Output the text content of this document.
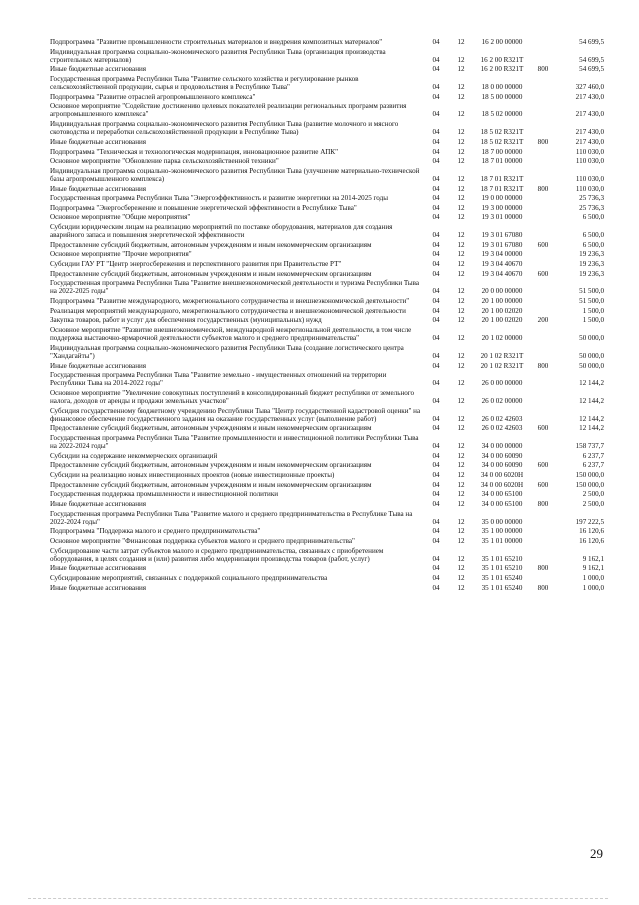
Подпрограмма "Развитие промышленности строительных материалов и внедрения композитных материалов"	04	12	16 2 00 00000		54 699,5
Индивидуальная программа социально-экономического развития Республики Тыва (организация производства строительных материалов)	04	12	16 2 00 R321T		54 699,5
Иные бюджетные ассигнования	04	12	16 2 00 R321T	800	54 699,5
Государственная программа Республики Тыва "Развитие сельского хозяйства и регулирование рынков сельскохозяйственной продукции, сырья и продовольствия в Республике Тыва"	04	12	18 0 00 00000		327 460,0
Подпрограмма "Развитие отраслей агропромышленного комплекса"	04	12	18 5 00 00000		217 430,0
Основное мероприятие "Содействие достижению целевых показателей реализации региональных программ развития агропромышленного комплекса"	04	12	18 5 02 00000		217 430,0
Индивидуальная программа социально-экономического развития Республики Тыва (развитие молочного и мясного скотоводства и переработки сельскохозяйственной продукции в Республике Тыва)	04	12	18 5 02 R321T		217 430,0
Иные бюджетные ассигнования	04	12	18 5 02 R321T	800	217 430,0
Подпрограмма "Техническая и технологическая модернизация, инновационное развитие АПК"	04	12	18 7 00 00000		110 030,0
Основное мероприятие "Обновление парка сельскохозяйственной техники"	04	12	18 7 01 00000		110 030,0
Индивидуальная программа социально-экономического развития Республики Тыва (улучшение материально-технической базы агропромышленного комплекса)	04	12	18 7 01 R321T		110 030,0
Иные бюджетные ассигнования	04	12	18 7 01 R321T	800	110 030,0
Государственная программа Республики Тыва "Энергоэффективность и развитие энергетики на 2014-2025 годы	04	12	19 0 00 00000		25 736,3
Подпрограмма "Энергосбережение и повышение энергетической эффективности в Республике Тыва"	04	12	19 3 00 00000		25 736,3
Основное мероприятие "Общие мероприятия"	04	12	19 3 01 00000		6 500,0
Субсидии юридическим лицам на реализацию мероприятий по поставке оборудования, материалов для создания аварийного запаса и повышения энергетической эффективности	04	12	19 3 01 67080		6 500,0
Предоставление субсидий бюджетным, автономным учреждениям и иным некоммерческим организациям	04	12	19 3 01 67080	600	6 500,0
Основное мероприятие "Прочие мероприятия"	04	12	19 3 04 00000		19 236,3
Субсидии ГАУ РТ "Центр энергосбережения и перспективного развития при Правительстве РТ"	04	12	19 3 04 40670		19 236,3
Предоставление субсидий бюджетным, автономным учреждениям и иным некоммерческим организациям	04	12	19 3 04 40670	600	19 236,3
Государственная программа Республики Тыва "Развитие внешнеэкономической деятельности и туризма Республики Тыва на 2022-2025 годы"	04	12	20 0 00 00000		51 500,0
Подпрограмма "Развитие международного, межрегионального сотрудничества и внешнеэкономической деятельности"	04	12	20 1 00 00000		51 500,0
Реализация мероприятий международного, межрегионального сотрудничества и внешнеэкономической деятельности	04	12	20 1 00 02020		1 500,0
Закупка товаров, работ и услуг для обеспечения государственных (муниципальных) нужд	04	12	20 1 00 02020	200	1 500,0
Основное мероприятие "Развитие внешнеэкономической, международной межрегиональной деятельности, в том числе поддержка выставочно-ярмарочной деятельности субъектов малого и среднего предпринимательства"	04	12	20 1 02 00000		50 000,0
Индивидуальная программа социально-экономического развития Республики Тыва (создание логистического центра "Хандагайты")	04	12	20 1 02 R321T		50 000,0
Иные бюджетные ассигнования	04	12	20 1 02 R321T	800	50 000,0
Государственная программа Республики Тыва "Развитие земельно - имущественных отношений на территории Республики Тыва на 2014-2022 годы"	04	12	26 0 00 00000		12 144,2
Основное мероприятие "Увеличение совокупных поступлений в консолидированный бюджет республики от земельного налога, доходов от аренды и продажи земельных участков"	04	12	26 0 02 00000		12 144,2
Субсидия государственному бюджетному учреждению Республики Тыва "Центр государственной кадастровой оценки" на финансовое обеспечение государственного задания на оказание государственных услуг (выполнение работ)	04	12	26 0 02 42603		12 144,2
Предоставление субсидий бюджетным, автономным учреждениям и иным некоммерческим организациям	04	12	26 0 02 42603	600	12 144,2
Государственная программа Республики Тыва "Развитие промышленности и инвестиционной политики Республики Тыва на 2022-2024 годы"	04	12	34 0 00 00000		158 737,7
Субсидии на содержание некоммерческих организаций	04	12	34 0 00 60090		6 237,7
Предоставление субсидий бюджетным, автономным учреждениям и иным некоммерческим организациям	04	12	34 0 00 60090	600	6 237,7
Субсидии на реализацию новых инвестиционных проектов (новые инвестиционные проекты)	04	12	34 0 00 6020Н		150 000,0
Предоставление субсидий бюджетным, автономным учреждениям и иным некоммерческим организациям	04	12	34 0 00 6020Н	600	150 000,0
Государственная поддержка промышленности и инвестиционной политики	04	12	34 0 00 65100		2 500,0
Иные бюджетные ассигнования	04	12	34 0 00 65100	800	2 500,0
Государственная программа Республики Тыва "Развитие малого и среднего предпринимательства в Республике Тыва на 2022-2024 годы"	04	12	35 0 00 00000		197 222,5
Подпрограмма "Поддержка малого и среднего предпринимательства"	04	12	35 1 00 00000		16 120,6
Основное мероприятие "Финансовая поддержка субъектов малого и среднего предпринимательства"	04	12	35 1 01 00000		16 120,6
Субсидирование части затрат субъектов малого и среднего предпринимательства, связанных с приобретением оборудования, в целях создания и (или) развития либо модернизации производства товаров (работ, услуг)	04	12	35 1 01 65210		9 162,1
Иные бюджетные ассигнования	04	12	35 1 01 65210	800	9 162,1
Субсидирование мероприятий, связанных с поддержкой социального предпринимательства	04	12	35 1 01 65240		1 000,0
Иные бюджетные ассигнования	04	12	35 1 01 65240	800	1 000,0
29
